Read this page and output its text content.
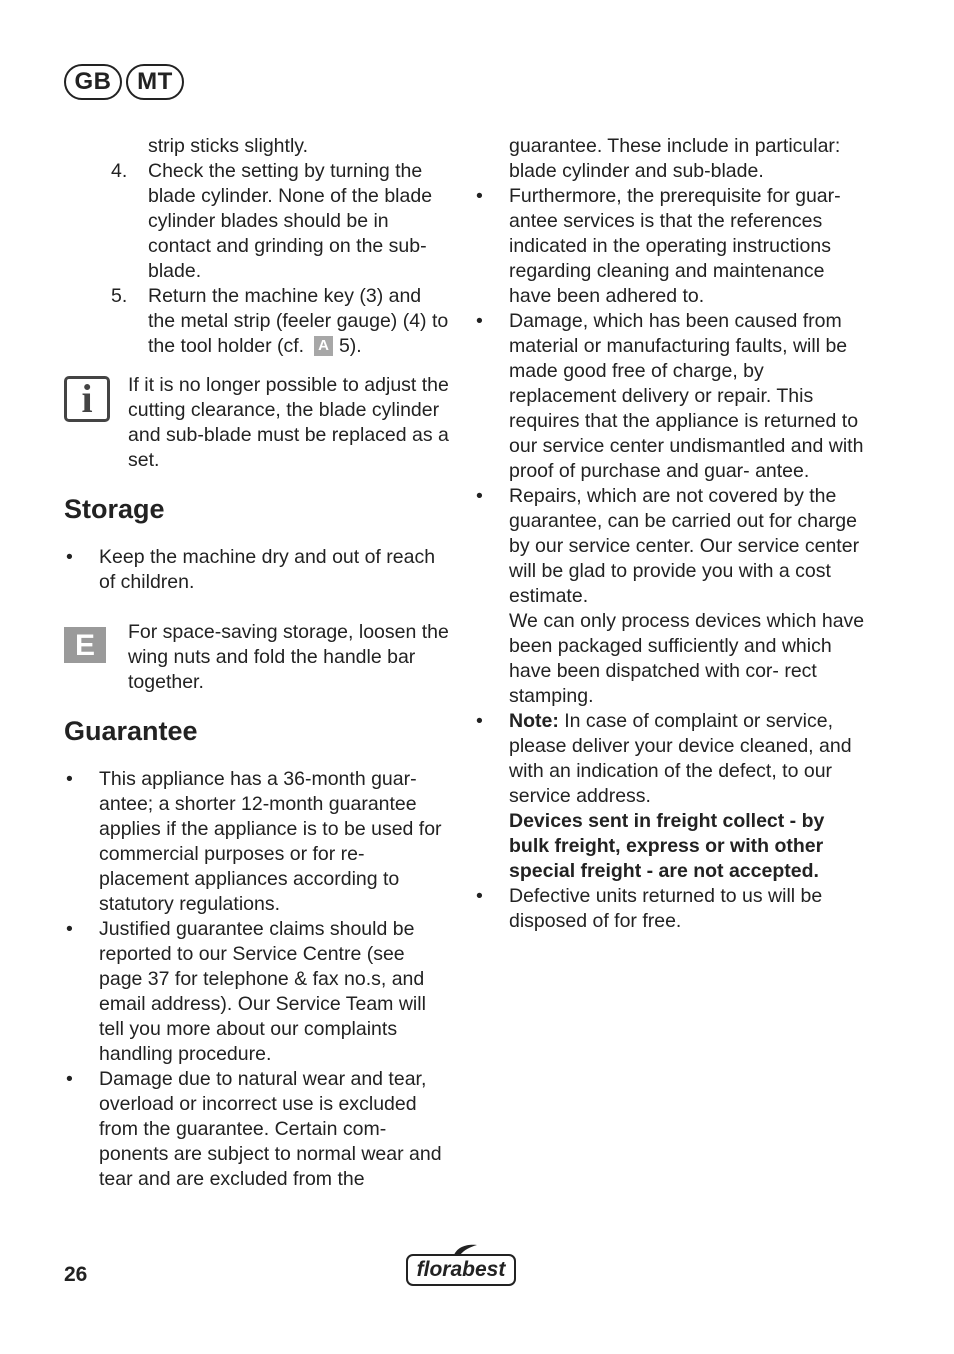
GB	MT

strip sticks slightly.

4.	Check the setting by turning the blade cylinder. None of the blade cylinder blades should be in contact and grinding on the sub-blade.
5.	Return the machine key (3) and the metal strip (feeler gauge) (4) to the tool holder (cf. A 5).
i	If it is no longer possible to adjust the cutting clearance, the blade cylinder and sub-blade must be replaced as a set.

Storage
•	Keep the machine dry and out of reach of children.
E	For space-saving storage, loosen the wing nuts and fold the handle bar together.

Guarantee
•	This appliance has a 36-month guar- antee; a shorter 12-month guarantee applies if the appliance is to be used for commercial purposes or for re- placement appliances according to statutory regulations.
•	Justified guarantee claims should be reported to our Service Centre (see page 37 for telephone & fax no.s, and email address). Our Service Team will tell you more about our complaints handling procedure.
•	Damage due to natural wear and tear, overload or incorrect use is excluded from the guarantee. Certain com- ponents are subject to normal wear and tear and are excluded from the

guarantee. These include in particular: blade cylinder and sub-blade.

•	Furthermore, the prerequisite for guar- antee services is that the references indicated in the operating instructions regarding cleaning and maintenance have been adhered to.
•	Damage, which has been caused from material or manufacturing faults, will be made good free of charge, by replacement delivery or repair. This requires that the appliance is returned to our service center undismantled and with proof of purchase and guar- antee.
•	Repairs, which are not covered by the guarantee, can be carried out for charge by our service center. Our service center will be glad to provide you with a cost estimate.
We can only process devices which have been packaged sufficiently and which have been dispatched with cor- rect stamping.
•	Note: In case of complaint or service, please deliver your device cleaned, and with an indication of the defect, to our service address.
Devices sent in freight collect - by bulk freight, express or with other special freight - are not accepted.
•	Defective units returned to us will be disposed of for free.
26	florabest
